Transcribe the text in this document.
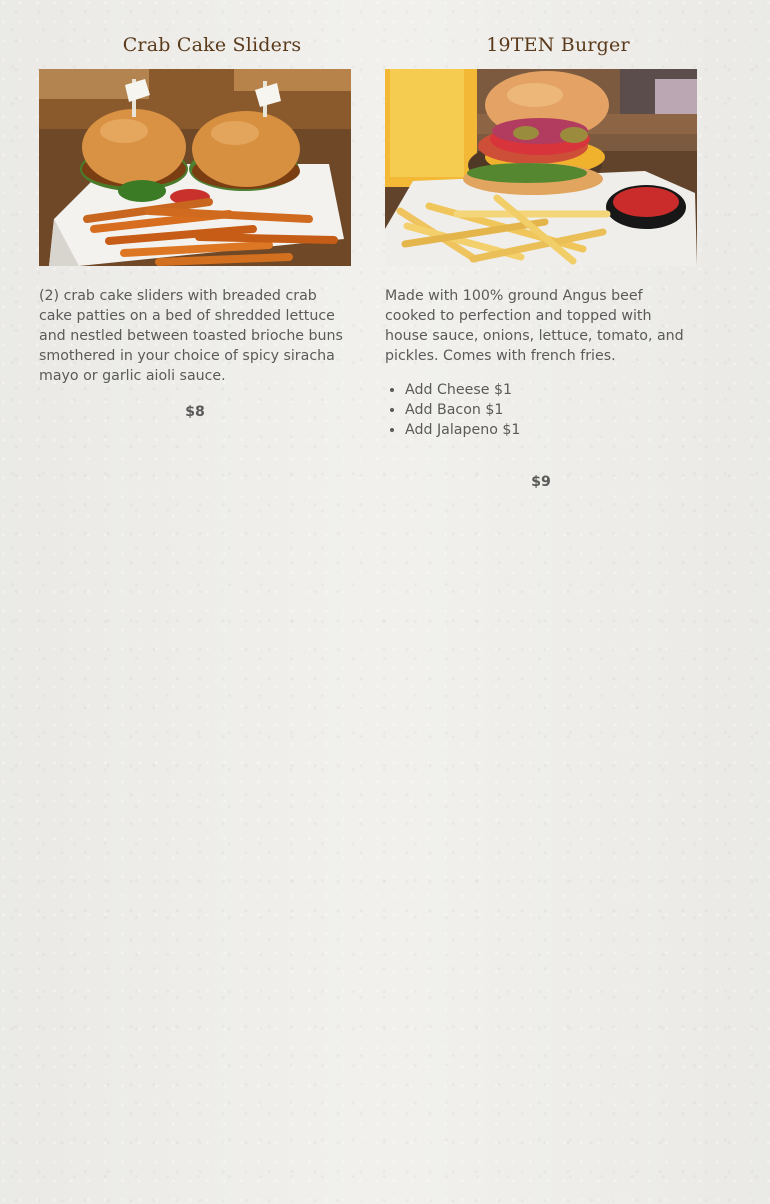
Crab Cake Sliders

(2) crab cake sliders with breaded crab cake patties on a bed of shredded lettuce and nestled between toasted brioche buns smothered in your choice of spicy siracha mayo or garlic aioli sauce.

$8

19TEN Burger

Made with 100% ground Angus beef cooked to perfection and topped with house sauce, onions, lettuce, tomato, and pickles. Comes with french fries.

• Add Cheese $1
• Add Bacon $1
• Add Jalapeno $1

$9
